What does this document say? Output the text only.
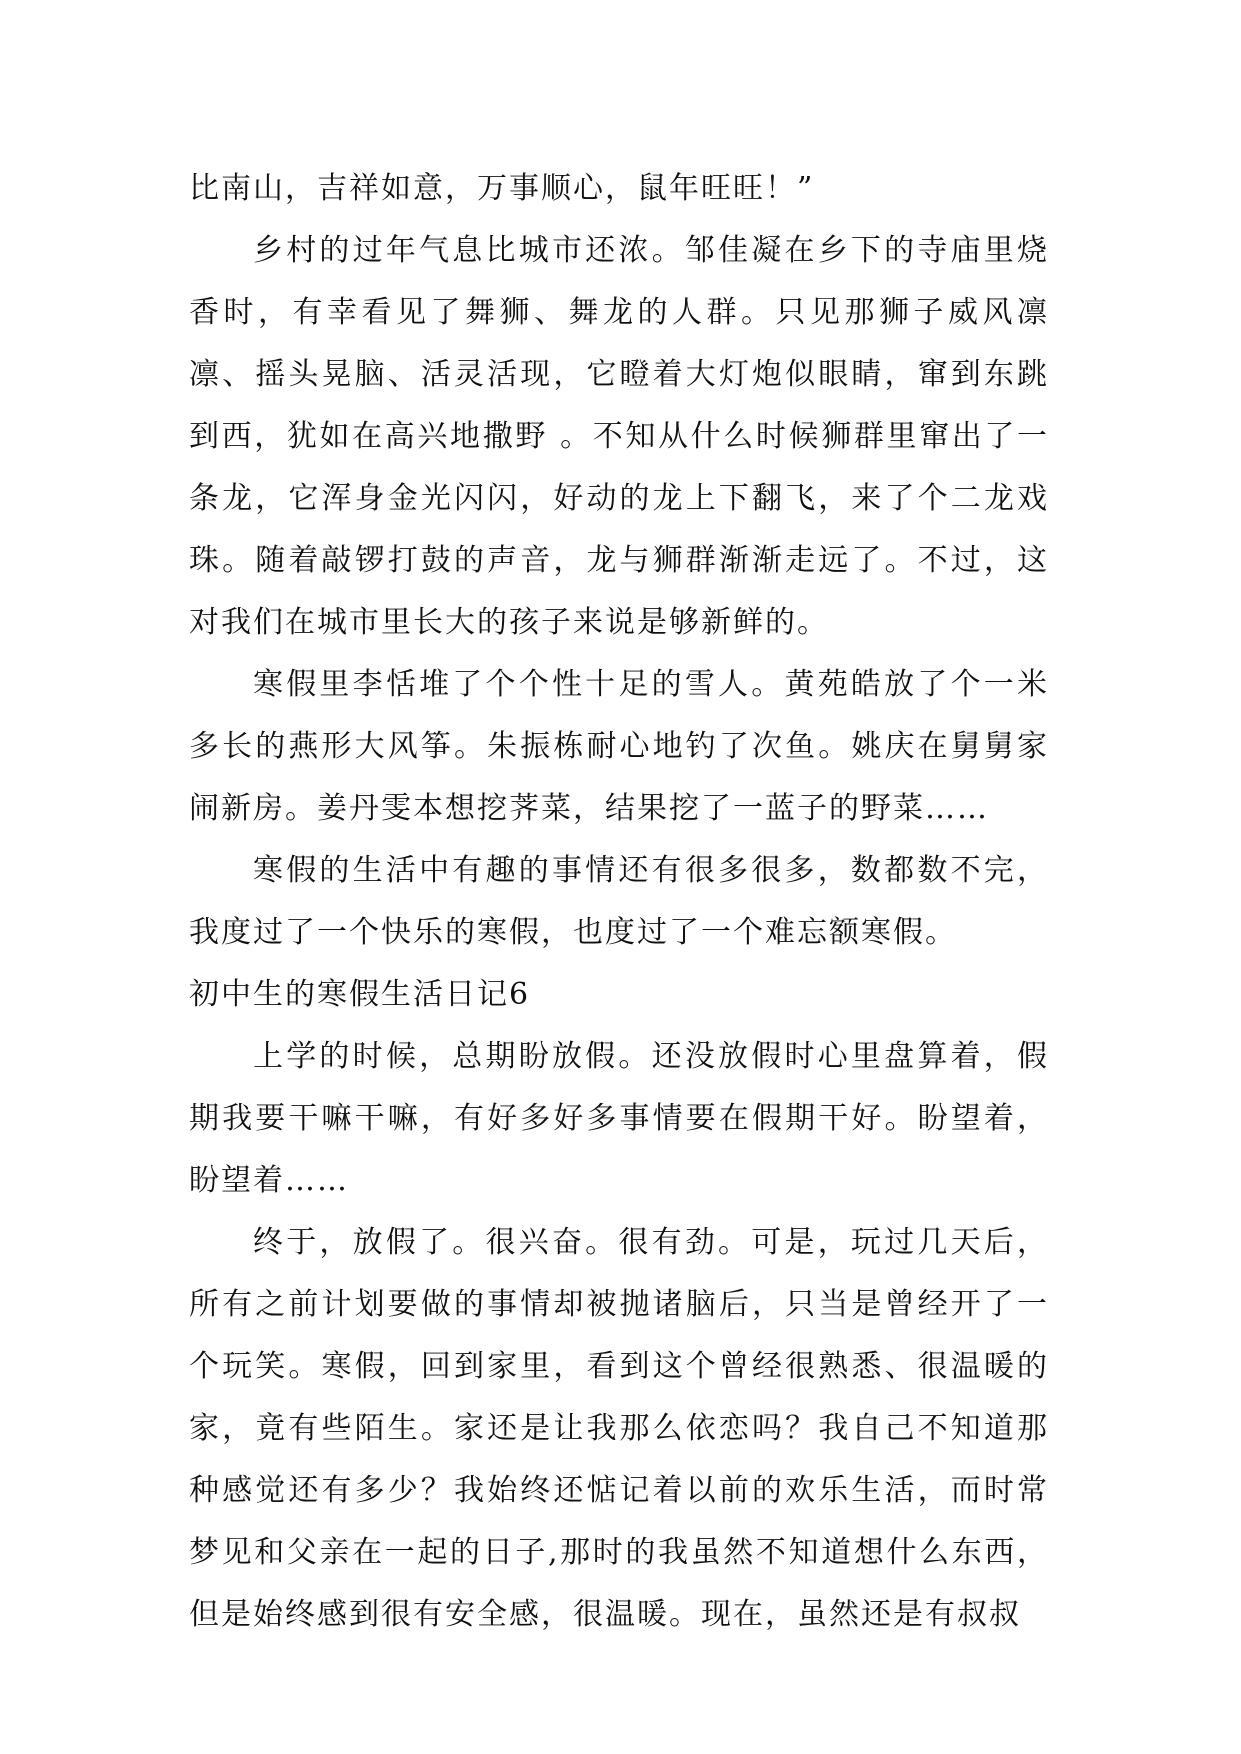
比南山，吉祥如意，万事顺心，鼠年旺旺！”

乡村的过年气息比城市还浓。邹佳凝在乡下的寺庙里烧香时，有幸看见了舞狮、舞龙的人群。只见那狮子威风凛凛、摇头晃脑、活灵活现，它瞪着大灯炮似眼睛，窜到东跳到西，犹如在高兴地撒野 。不知从什么时候狮群里窜出了一条龙，它浑身金光闪闪，好动的龙上下翻飞，来了个二龙戏珠。随着敲锣打鼓的声音，龙与狮群渐渐走远了。不过，这对我们在城市里长大的孩子来说是够新鲜的。

寒假里李恬堆了个个性十足的雪人。黄苑皓放了个一米多长的燕形大风筝。朱振栋耐心地钓了次鱼。姚庆在舅舅家闹新房。姜丹雯本想挖荠菜，结果挖了一蓝子的野菜……

寒假的生活中有趣的事情还有很多很多，数都数不完，我度过了一个快乐的寒假，也度过了一个难忘额寒假。

初中生的寒假生活日记6

上学的时候，总期盼放假。还没放假时心里盘算着，假期我要干嘛干嘛，有好多好多事情要在假期干好。盼望着，盼望着……

终于，放假了。很兴奋。很有劲。可是，玩过几天后，所有之前计划要做的事情却被抛诸脑后，只当是曾经开了一个玩笑。寒假，回到家里，看到这个曾经很熟悉、很温暖的家，竟有些陌生。家还是让我那么依恋吗？我自己不知道那种感觉还有多少？我始终还惦记着以前的欢乐生活，而时常梦见和父亲在一起的日子,那时的我虽然不知道想什么东西，但是始终感到很有安全感，很温暖。现在，虽然还是有叔叔
